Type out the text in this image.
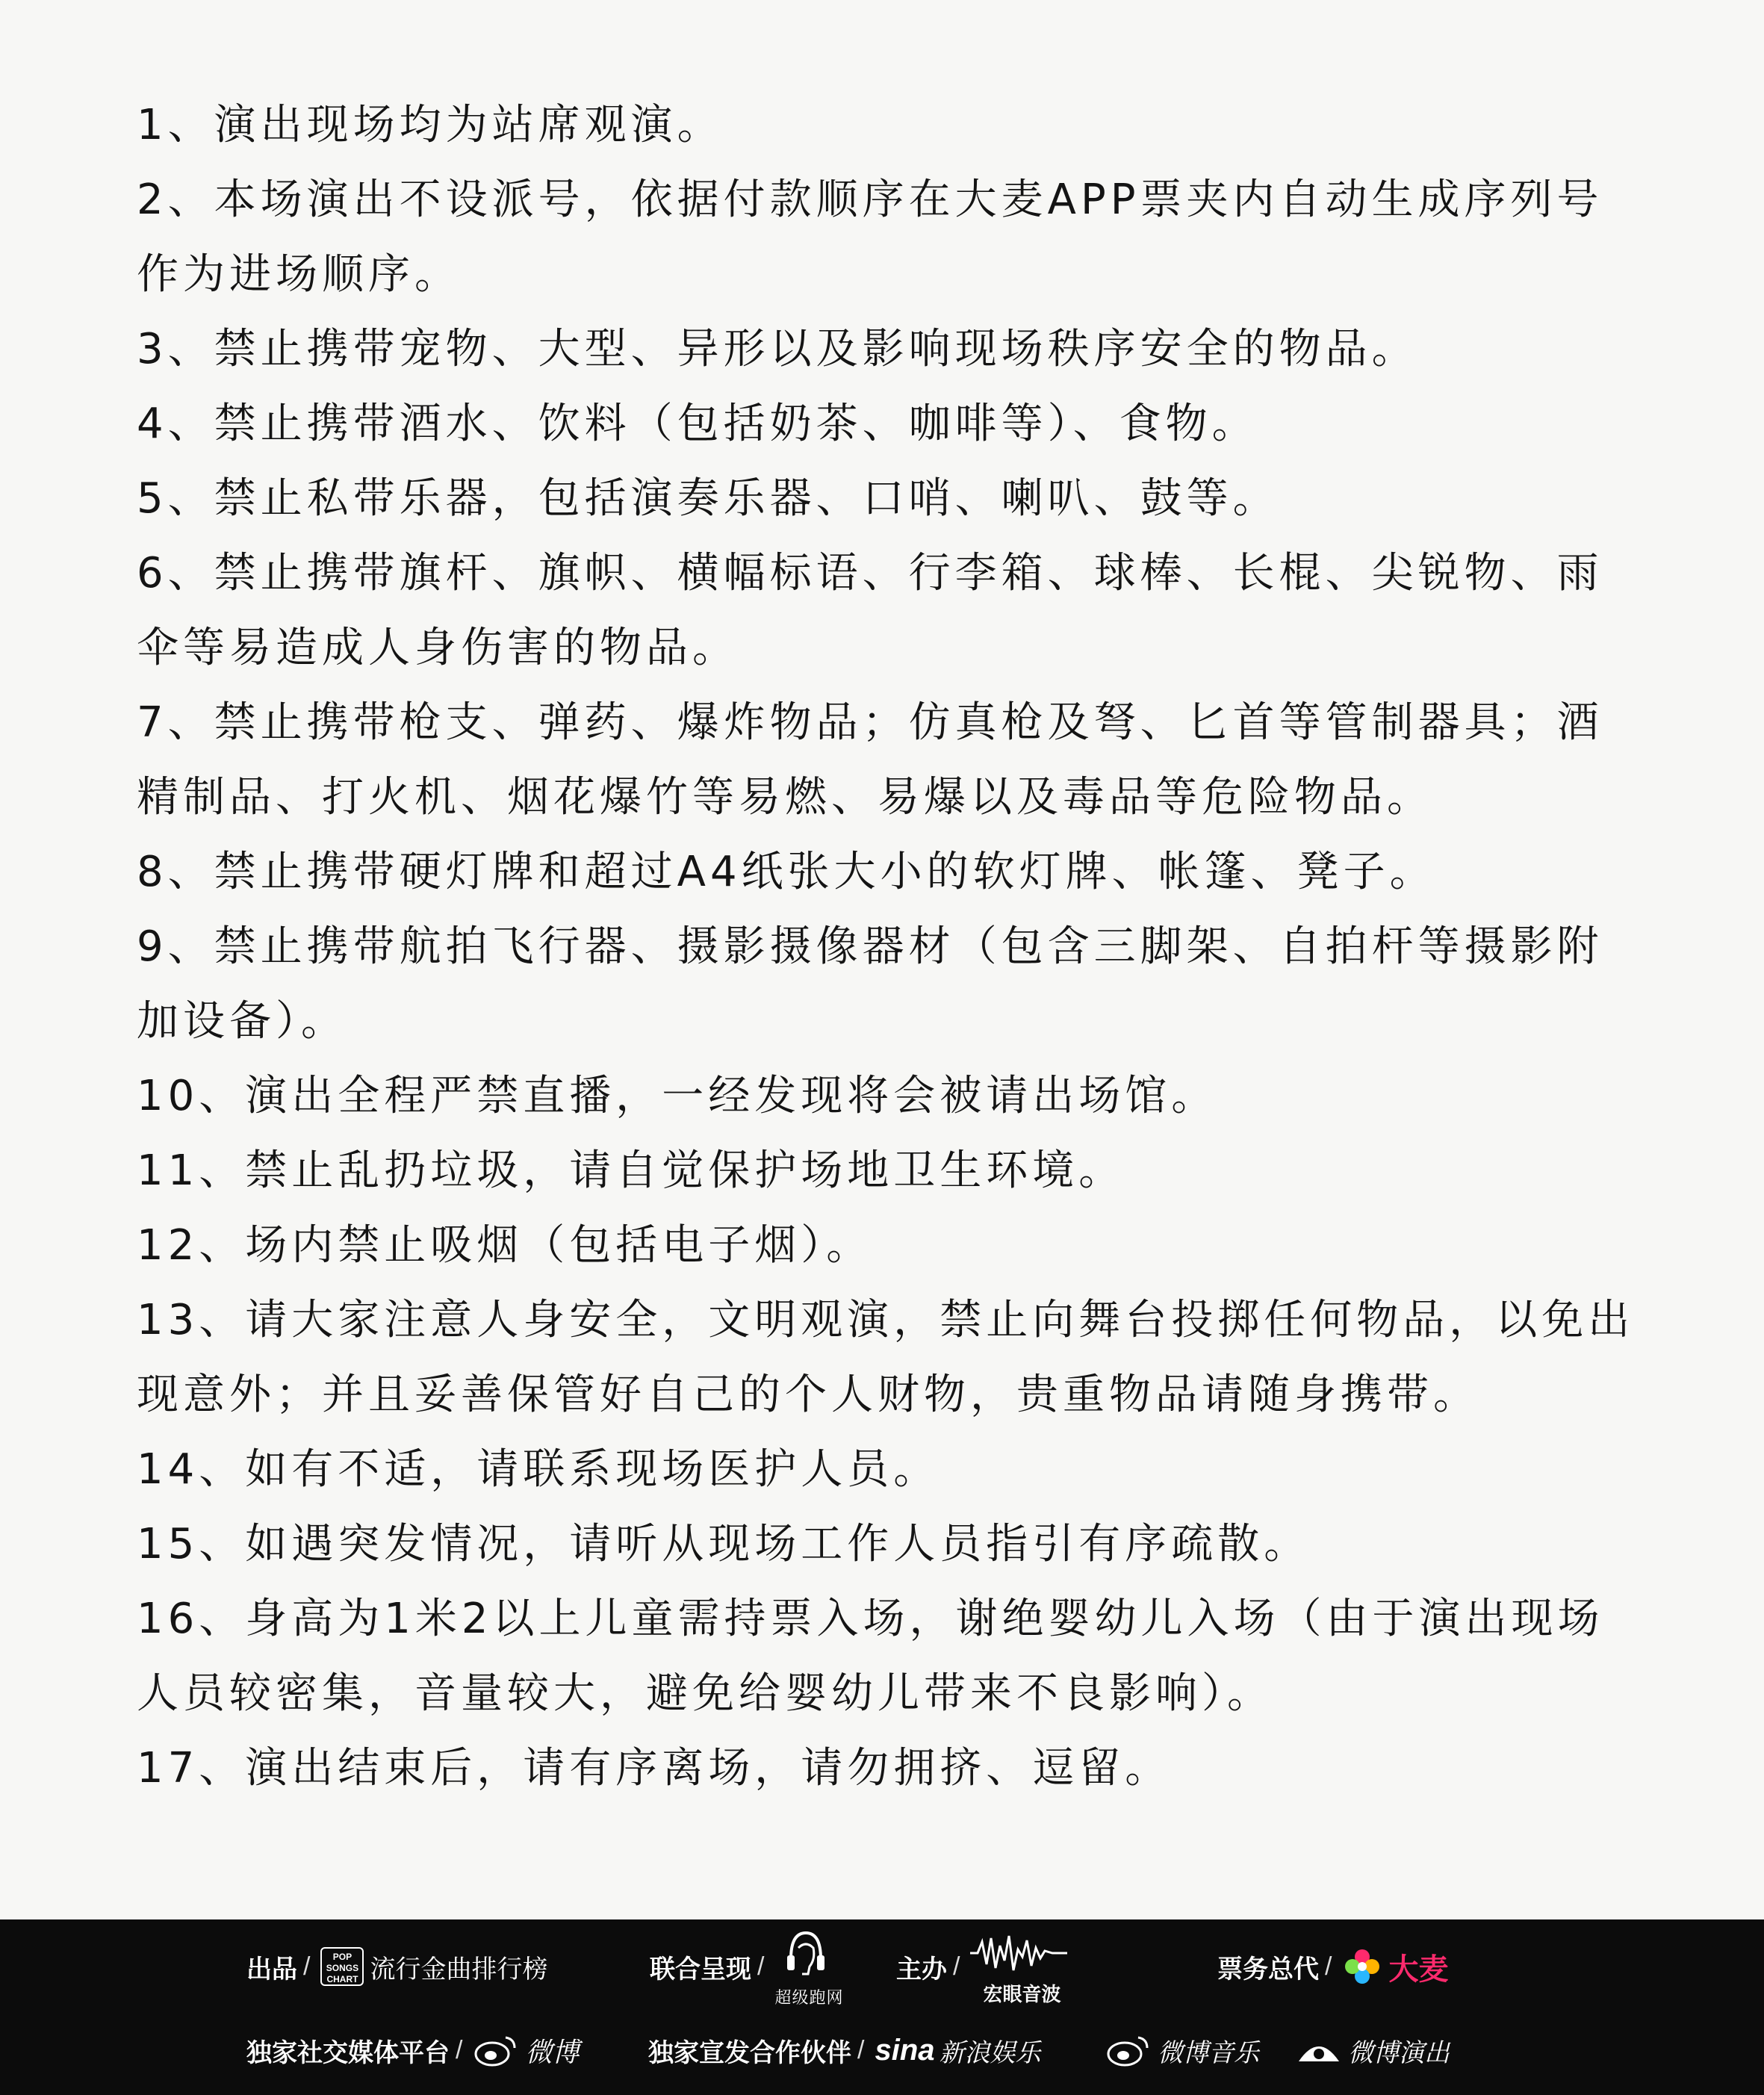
1、演出现场均为站席观演。
2、本场演出不设派号，依据付款顺序在大麦APP票夹内自动生成序列号作为进场顺序。
3、禁止携带宠物、大型、异形以及影响现场秩序安全的物品。
4、禁止携带酒水、饮料（包括奶茶、咖啡等）、食物。
5、禁止私带乐器，包括演奏乐器、口哨、喇叭、鼓等。
6、禁止携带旗杆、旗帜、横幅标语、行李箱、球棒、长棍、尖锐物、雨伞等易造成人身伤害的物品。
7、禁止携带枪支、弹药、爆炸物品；仿真枪及弩、匕首等管制器具；酒精制品、打火机、烟花爆竹等易燃、易爆以及毒品等危险物品。
8、禁止携带硬灯牌和超过A4纸张大小的软灯牌、帐篷、凳子。
9、禁止携带航拍飞行器、摄影摄像器材（包含三脚架、自拍杆等摄影附加设备）。
10、演出全程严禁直播，一经发现将会被请出场馆。
11、禁止乱扔垃圾，请自觉保护场地卫生环境。
12、场内禁止吸烟（包括电子烟）。
13、请大家注意人身安全，文明观演，禁止向舞台投掷任何物品，以免出现意外；并且妥善保管好自己的个人财物，贵重物品请随身携带。
14、如有不适，请联系现场医护人员。
15、如遇突发情况，请听从现场工作人员指引有序疏散。
16、身高为1米2以上儿童需持票入场，谢绝婴幼儿入场（由于演出现场人员较密集，音量较大，避免给婴幼儿带来不良影响）。
17、演出结束后，请有序离场，请勿拥挤、逗留。
出品 /	POP SONGS CHART 流行金曲排行榜	联合呈现 /
超级跑网
主办 /
宏眼音波
票务总代 / 大麦
独家社交媒体平台 / 微博	独家宣发合作伙伴 / sina 新浪娱乐	微博音乐	微博演出
